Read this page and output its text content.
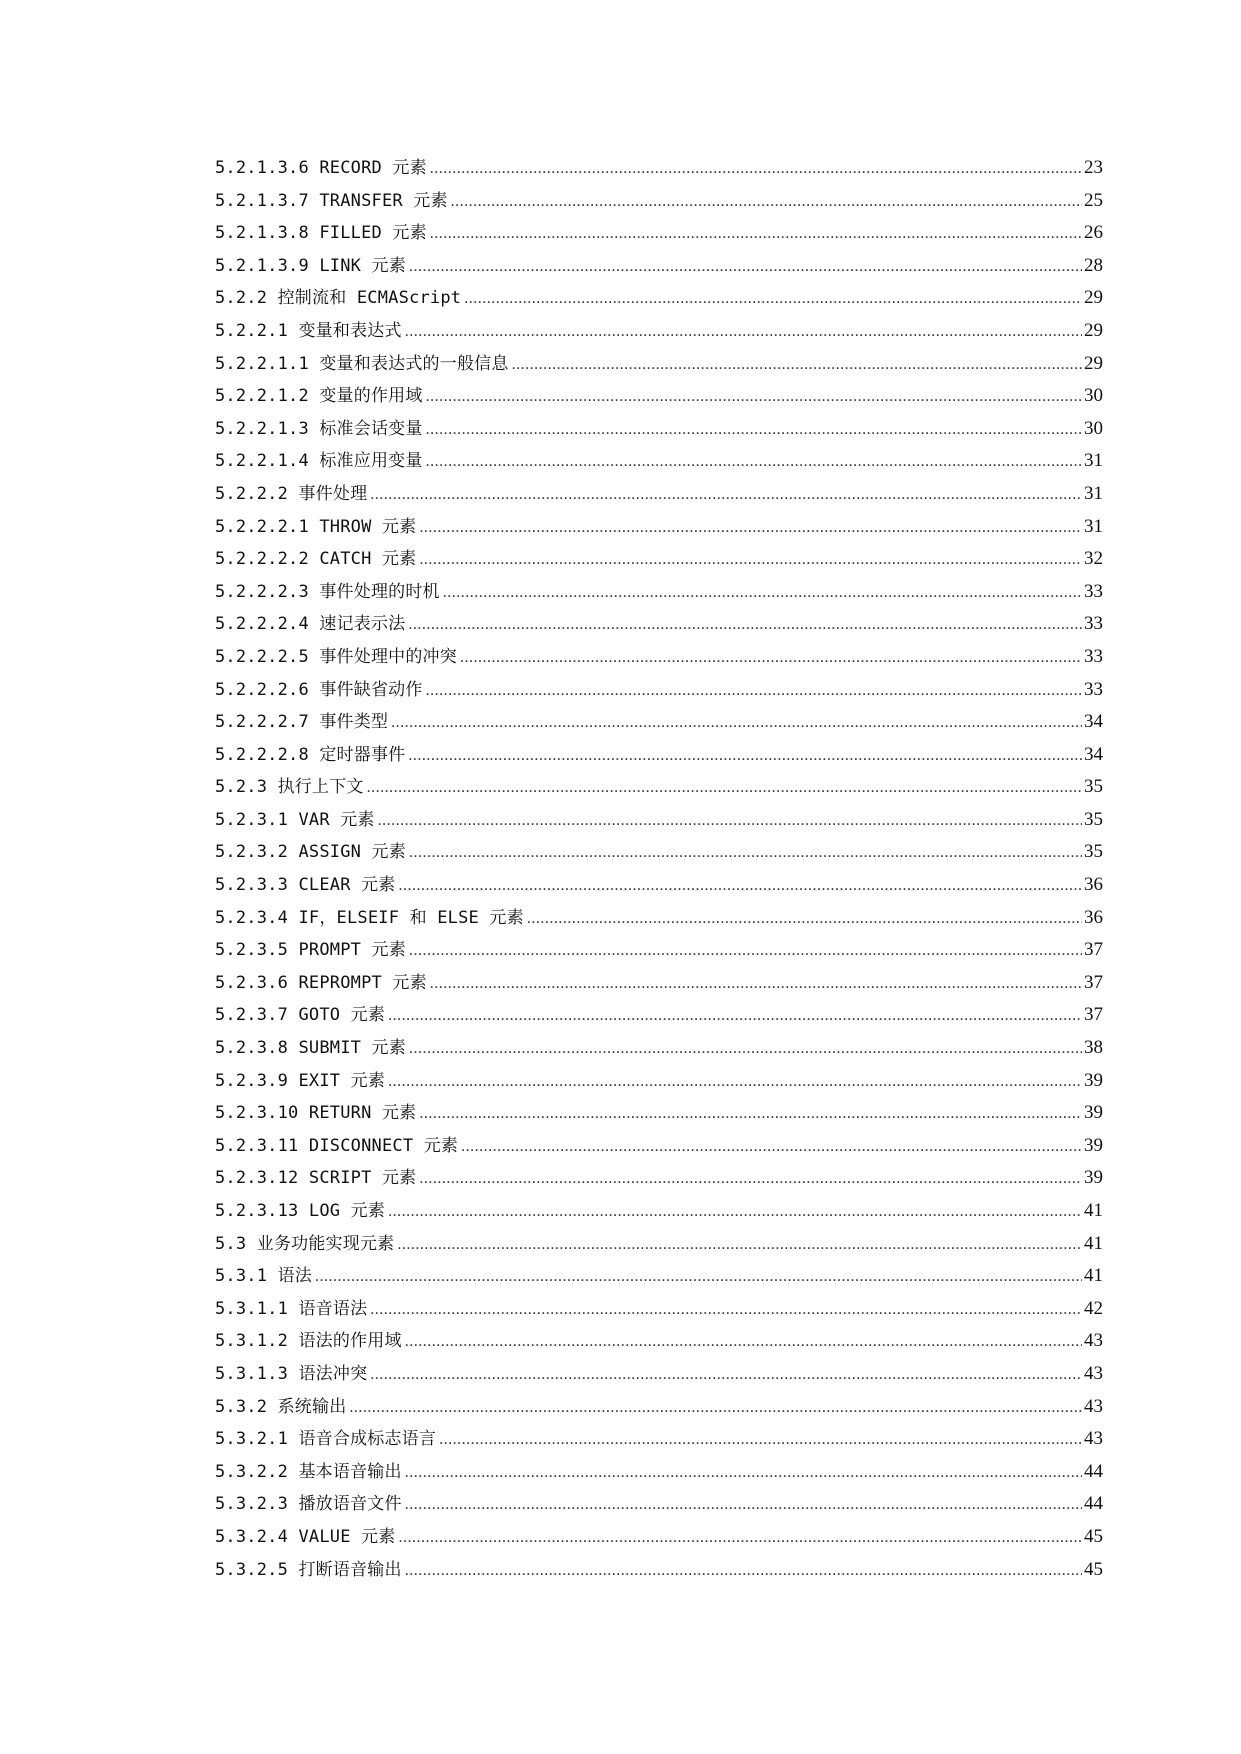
5.2.1.3.6 RECORD 元素 .....	23
5.2.1.3.7 TRANSFER 元素 .....	25
5.2.1.3.8 FILLED 元素 .....	26
5.2.1.3.9 LINK 元素 .....	28
5.2.2 控制流和 ECMAScript .....	29
5.2.2.1 变量和表达式 .....	29
5.2.2.1.1 变量和表达式的一般信息 .....	29
5.2.2.1.2 变量的作用域 .....	30
5.2.2.1.3 标准会话变量 .....	30
5.2.2.1.4 标准应用变量 .....	31
5.2.2.2 事件处理 .....	31
5.2.2.2.1 THROW 元素 .....	31
5.2.2.2.2 CATCH 元素 .....	32
5.2.2.2.3 事件处理的时机 .....	33
5.2.2.2.4 速记表示法 .....	33
5.2.2.2.5 事件处理中的冲突 .....	33
5.2.2.2.6 事件缺省动作 .....	33
5.2.2.2.7 事件类型 .....	34
5.2.2.2.8 定时器事件 .....	34
5.2.3 执行上下文 .....	35
5.2.3.1 VAR 元素 .....	35
5.2.3.2 ASSIGN 元素 .....	35
5.2.3.3 CLEAR 元素 .....	36
5.2.3.4 IF，ELSEIF 和 ELSE 元素 .....	36
5.2.3.5 PROMPT 元素 .....	37
5.2.3.6 REPROMPT 元素 .....	37
5.2.3.7 GOTO 元素 .....	37
5.2.3.8 SUBMIT 元素 .....	38
5.2.3.9 EXIT 元素 .....	39
5.2.3.10 RETURN 元素 .....	39
5.2.3.11 DISCONNECT 元素 .....	39
5.2.3.12 SCRIPT 元素 .....	39
5.2.3.13 LOG 元素 .....	41
5.3 业务功能实现元素 .....	41
5.3.1 语法 .....	41
5.3.1.1 语音语法 .....	42
5.3.1.2 语法的作用域 .....	43
5.3.1.3 语法冲突 .....	43
5.3.2 系统输出 .....	43
5.3.2.1 语音合成标志语言 .....	43
5.3.2.2 基本语音输出 .....	44
5.3.2.3 播放语音文件 .....	44
5.3.2.4 VALUE 元素 .....	45
5.3.2.5 打断语音输出 .....	45
